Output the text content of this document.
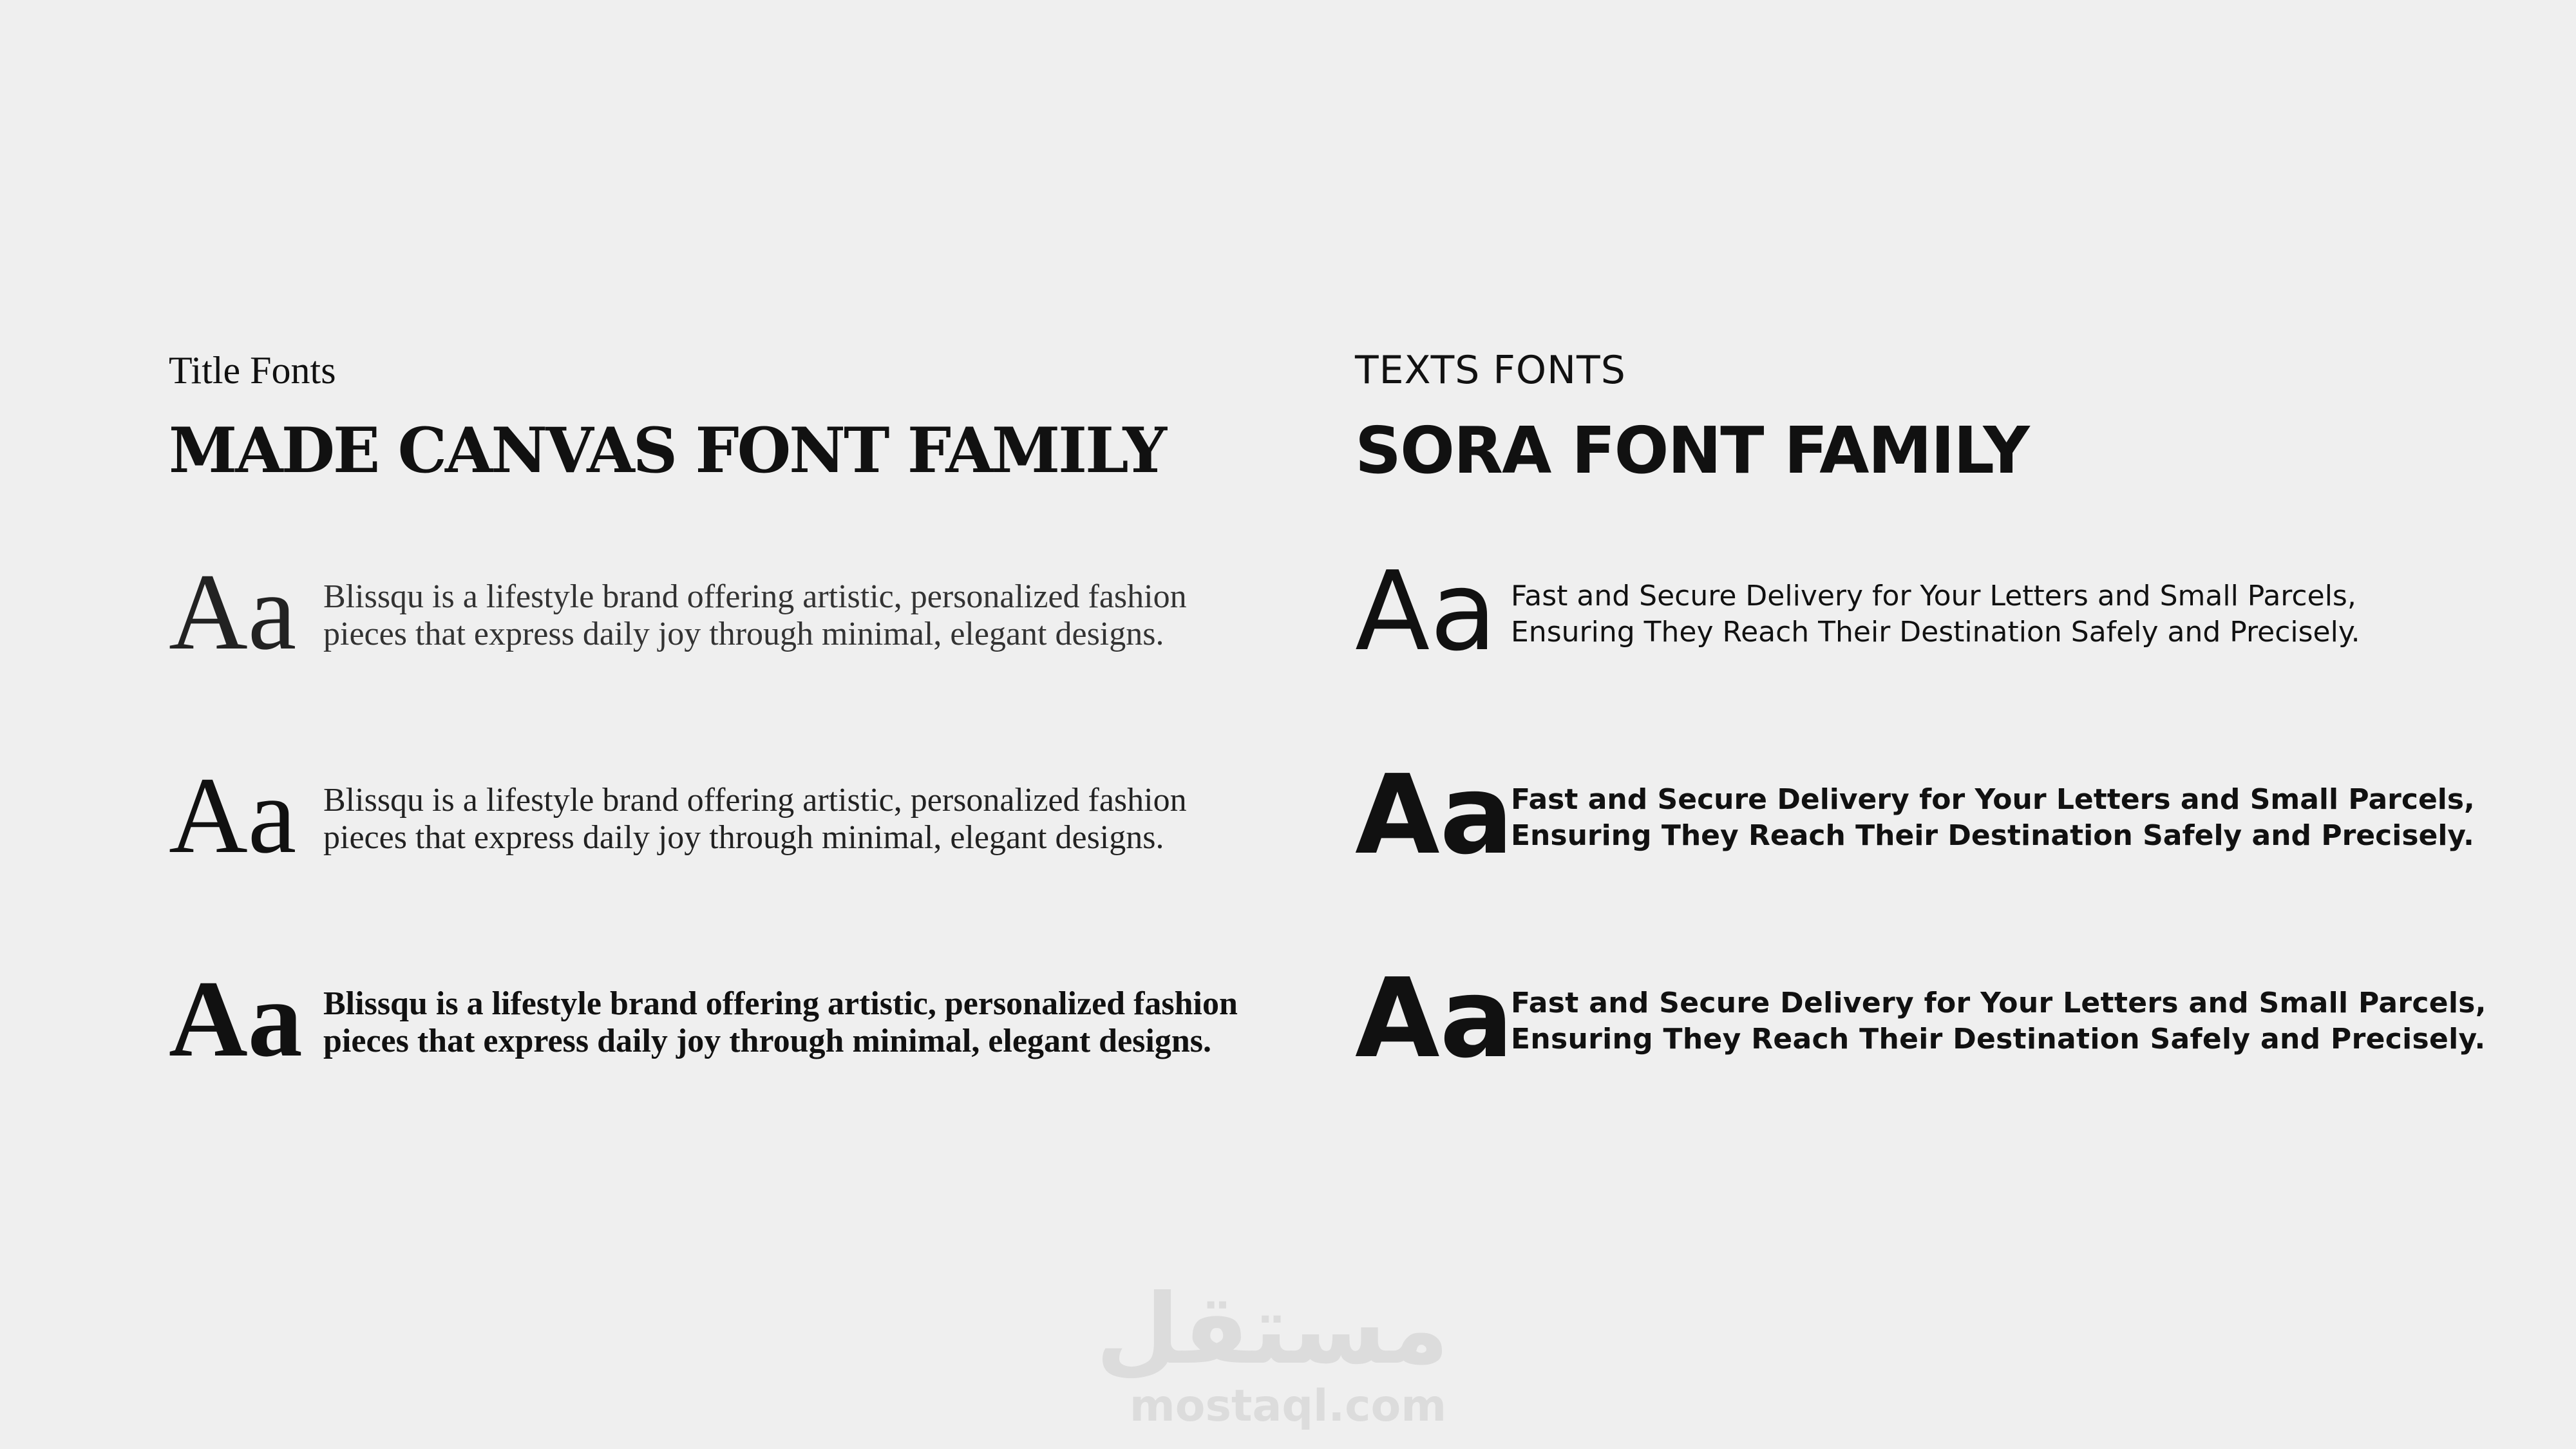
Title Fonts
MADE CANVAS FONT FAMILY
Aa Blissqu is a lifestyle brand offering artistic, personalized fashion
pieces that express daily joy through minimal, elegant designs.
Aa Blissqu is a lifestyle brand offering artistic, personalized fashion
pieces that express daily joy through minimal, elegant designs.
Aa Blissqu is a lifestyle brand offering artistic, personalized fashion
pieces that express daily joy through minimal, elegant designs.
TEXTS FONTS
SORA FONT FAMILY
Aa Fast and Secure Delivery for Your Letters and Small Parcels,
Ensuring They Reach Their Destination Safely and Precisely.
Aa
Fast and Secure Delivery for Your Letters and Small Parcels,
Ensuring They Reach Their Destination Safely and Precisely.
Aa
Fast and Secure Delivery for Your Letters and Small Parcels,
Ensuring They Reach Their Destination Safely and Precisely.
مستقل
mostaql.com
